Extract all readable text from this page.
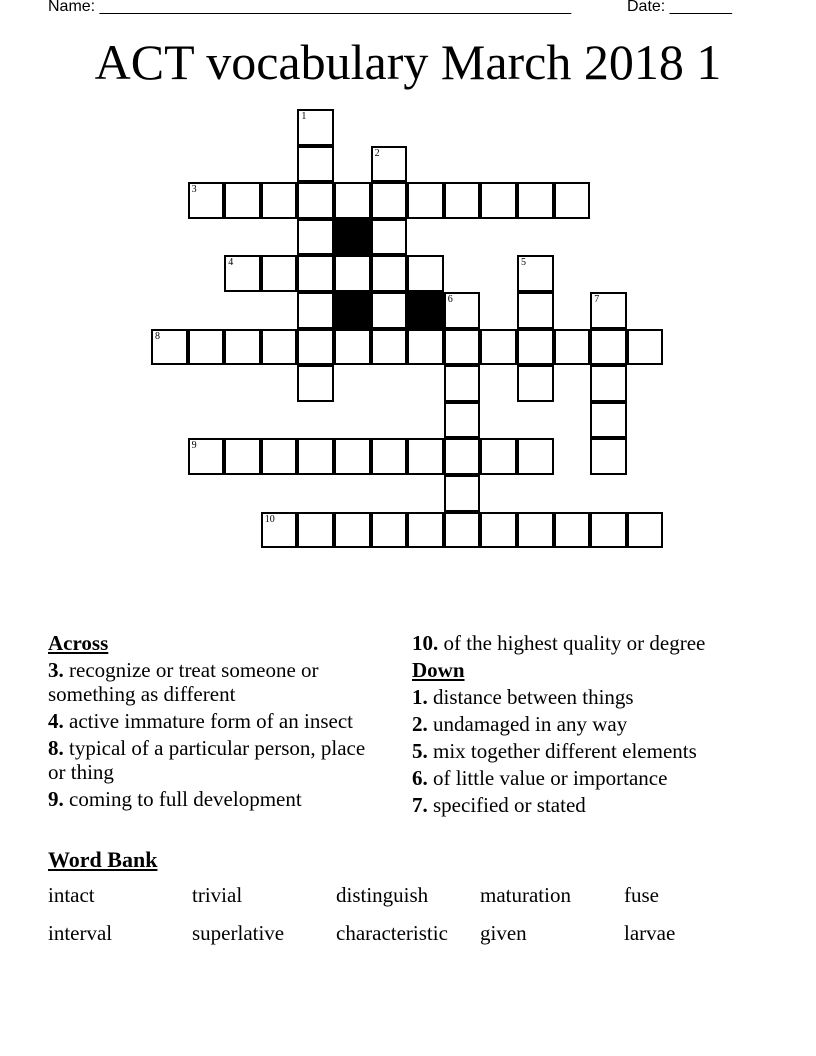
Name: _____________________________________________________	Date: _______
ACT vocabulary March 2018 1
1
2
3
4	5
6	7
8
9
10
Across
3. recognize or treat someone or something as different
4. active immature form of an insect
8. typical of a particular person, place or thing
9. coming to full development
10. of the highest quality or degree
Down
1. distance between things
2. undamaged in any way
5. mix together different elements
6. of little value or importance
7. specified or stated
Word Bank
intact	trivial	distinguish	maturation	fuse
interval	superlative	characteristic	given	larvae
